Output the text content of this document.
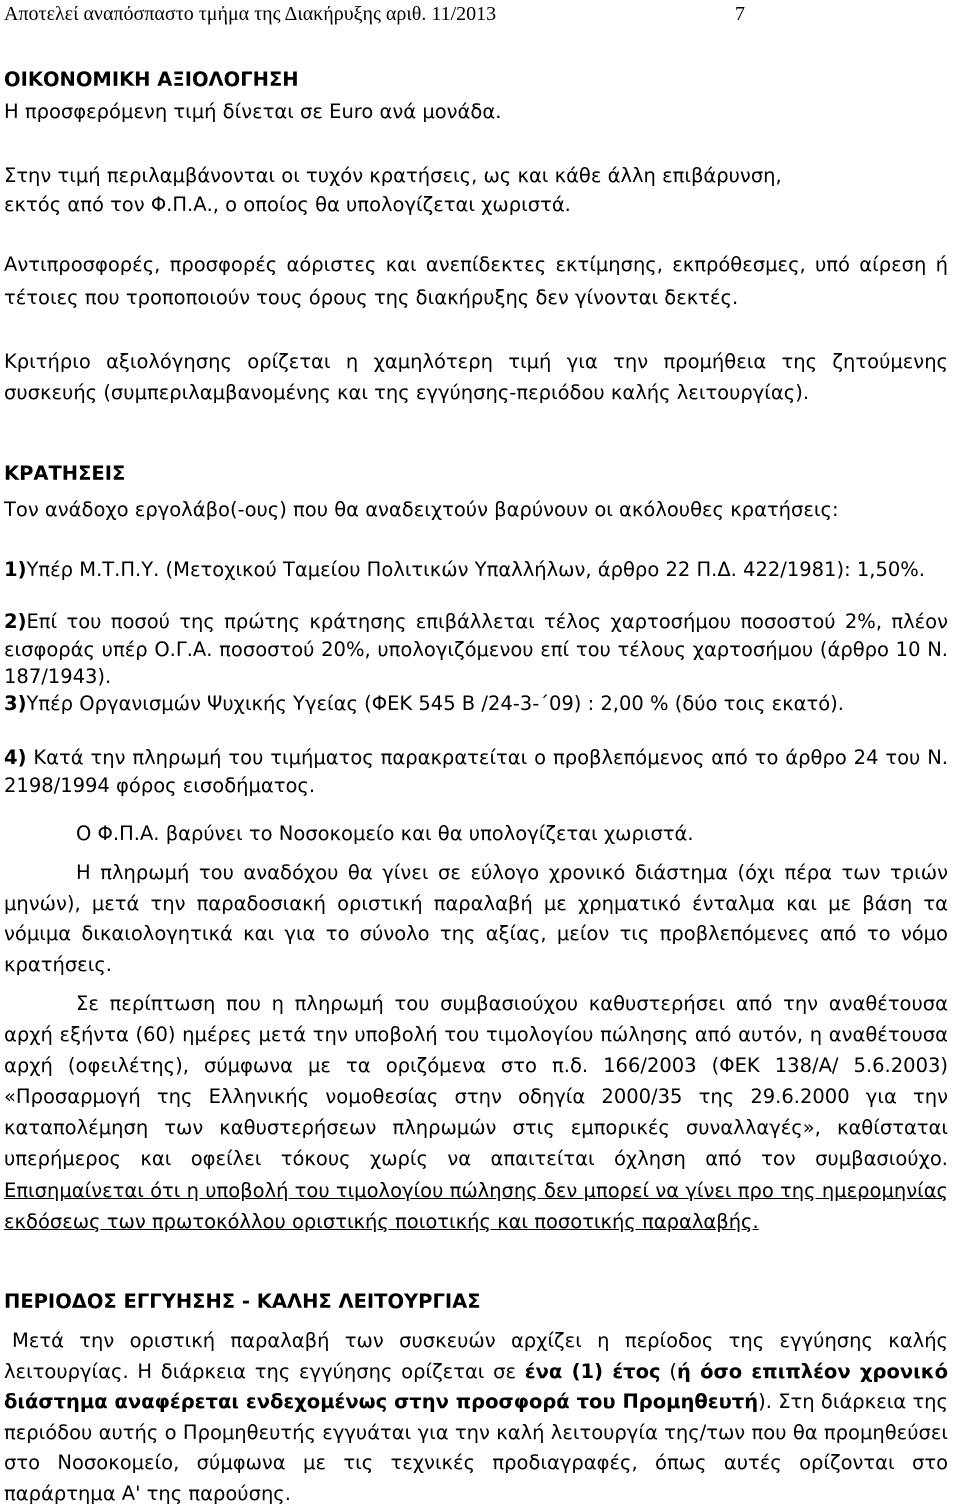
Αποτελεί αναπόσπαστο τμήμα της Διακήρυξης αριθ. 11/2013	7
ΟΙΚΟΝΟΜΙΚΗ ΑΞΙΟΛΟΓΗΣΗ
Η προσφερόμενη τιμή δίνεται σε Euro ανά μονάδα.
Στην τιμή περιλαμβάνονται οι τυχόν κρατήσεις, ως και κάθε άλλη επιβάρυνση,
εκτός από τον Φ.Π.Α., ο οποίος θα υπολογίζεται χωριστά.

Αντιπροσφορές, προσφορές αόριστες και ανεπίδεκτες εκτίμησης, εκπρόθεσμες, υπό αίρεση ή τέτοιες που τροποποιούν τους όρους της διακήρυξης δεν γίνονται δεκτές.

Κριτήριο αξιολόγησης ορίζεται η χαμηλότερη τιμή για την προμήθεια της ζητούμενης συσκευής (συμπεριλαμβανομένης και της εγγύησης-περιόδου καλής λειτουργίας).

ΚΡΑΤΗΣΕΙΣ

Τον ανάδοχο εργολάβο(-ους) που θα αναδειχτούν βαρύνουν οι ακόλουθες κρατήσεις:

1)Υπέρ Μ.Τ.Π.Υ. (Μετοχικού Ταμείου Πολιτικών Υπαλλήλων, άρθρο 22 Π.Δ. 422/1981): 1,50%.

2)Επί του ποσού της πρώτης κράτησης επιβάλλεται τέλος χαρτοσήμου ποσοστού 2%, πλέον εισφοράς υπέρ Ο.Γ.Α. ποσοστού 20%, υπολογιζόμενου επί του τέλους χαρτοσήμου (άρθρο 10 Ν. 187/1943).

3)Υπέρ Οργανισμών Ψυχικής Υγείας (ΦΕΚ 545 Β /24-3-΄09) : 2,00 % (δύο τοις εκατό).

4) Κατά την πληρωμή του τιμήματος παρακρατείται ο προβλεπόμενος από το άρθρο 24 του Ν. 2198/1994 φόρος εισοδήματος.

Ο Φ.Π.Α. βαρύνει το Νοσοκομείο και θα υπολογίζεται χωριστά.

Η πληρωμή του αναδόχου θα γίνει σε εύλογο χρονικό διάστημα (όχι πέρα των τριών μηνών), μετά την παραδοσιακή οριστική παραλαβή με χρηματικό ένταλμα και με βάση τα νόμιμα δικαιολογητικά και για το σύνολο της αξίας, μείον τις προβλεπόμενες από το νόμο κρατήσεις.

Σε περίπτωση που η πληρωμή του συμβασιούχου καθυστερήσει από την αναθέτουσα αρχή εξήντα (60) ημέρες μετά την υποβολή του τιμολογίου πώλησης από αυτόν, η αναθέτουσα αρχή (οφειλέτης), σύμφωνα με τα οριζόμενα στο π.δ. 166/2003 (ΦΕΚ 138/Α/ 5.6.2003) «Προσαρμογή της Ελληνικής νομοθεσίας στην οδηγία 2000/35 της 29.6.2000 για την καταπολέμηση των καθυστερήσεων πληρωμών στις εμπορικές συναλλαγές», καθίσταται υπερήμερος και οφείλει τόκους χωρίς να απαιτείται όχληση από τον συμβασιούχο. Επισημαίνεται ότι η υποβολή του τιμολογίου πώλησης δεν μπορεί να γίνει προ της ημερομηνίας εκδόσεως των πρωτοκόλλου οριστικής ποιοτικής και ποσοτικής παραλαβής.

ΠΕΡΙΟΔΟΣ ΕΓΓΥΗΣΗΣ - ΚΑΛΗΣ ΛΕΙΤΟΥΡΓΙΑΣ

Μετά την οριστική παραλαβή των συσκευών αρχίζει η περίοδος της εγγύησης καλής λειτουργίας. Η διάρκεια της εγγύησης ορίζεται σε ένα (1) έτος (ή όσο επιπλέον χρονικό διάστημα αναφέρεται ενδεχομένως στην προσφορά του Προμηθευτή). Στη διάρκεια της περιόδου αυτής ο Προμηθευτής εγγυάται για την καλή λειτουργία της/των που θα προμηθεύσει στο Νοσοκομείο, σύμφωνα με τις τεχνικές προδιαγραφές, όπως αυτές ορίζονται στο παράρτημα Α' της παρούσης.
